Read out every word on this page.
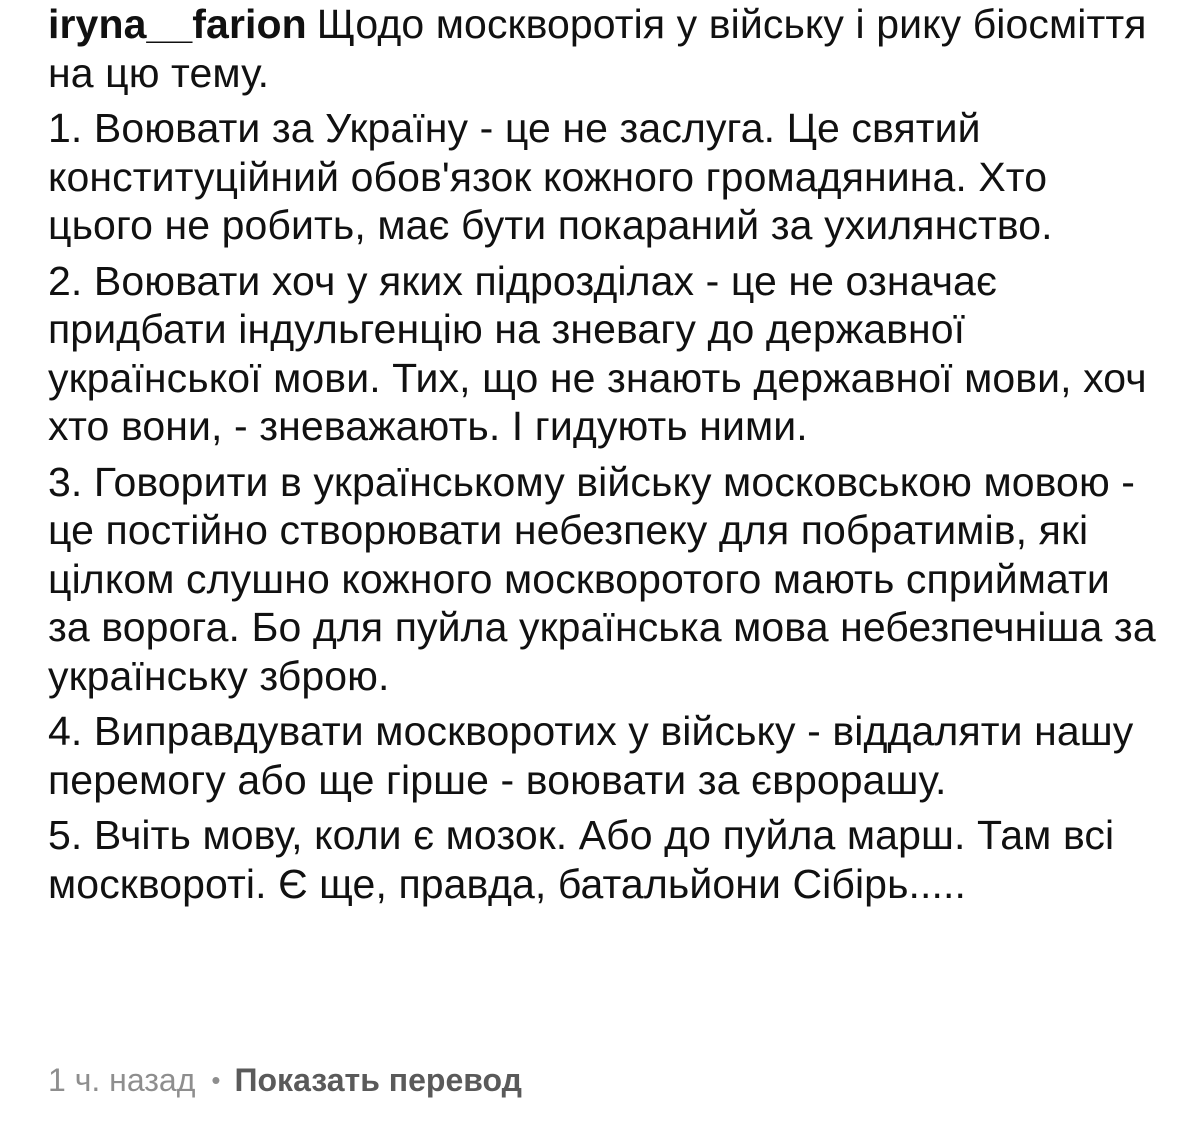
iryna__farion Щодо москворотія у війську і рику біосміття на цю тему.

1. Воювати за Україну - це не заслуга. Це святий конституційний обов'язок кожного громадянина. Хто цього не робить, має бути покараний за ухилянство.

2. Воювати хоч у яких підрозділах - це не означає придбати індульгенцію на зневагу до державної української мови. Тих, що не знають державної мови, хоч хто вони, - зневажають. І гидують ними.

3. Говорити в українському війську московською мовою - це постійно створювати небезпеку для побратимів, які цілком слушно кожного москворотого мають сприймати за ворога. Бо для пуйла українська мова небезпечніша за українську зброю.

4. Виправдувати москворотих у війську - віддаляти нашу перемогу або ще гірше - воювати за єврорашу.

5. Вчіть мову, коли є мозок. Або до пуйла марш. Там всі москвороті. Є ще, правда, батальйони Сібірь.....

1 ч. назад • Показать перевод
